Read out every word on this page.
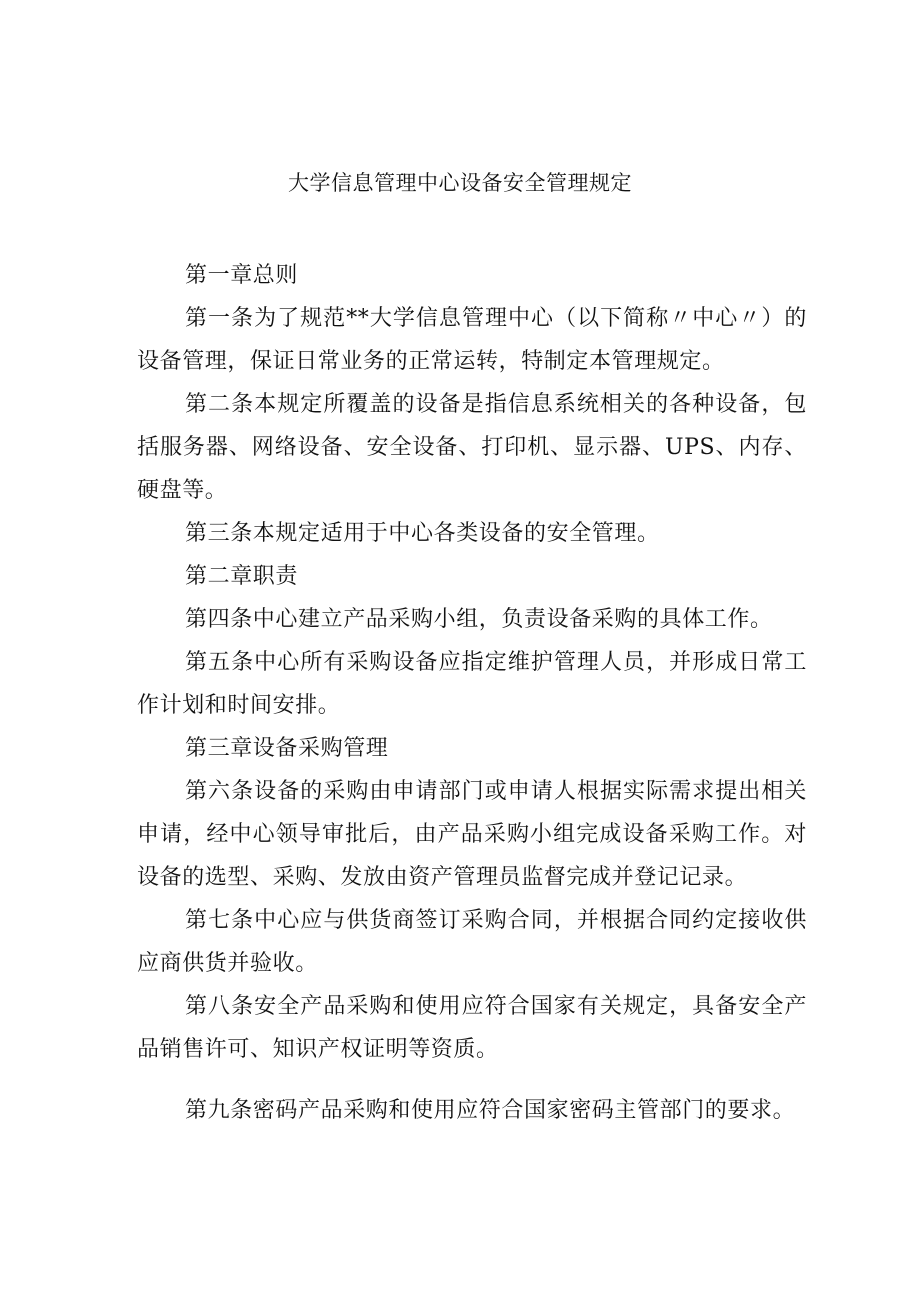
大学信息管理中心设备安全管理规定

第一章总则

第一条为了规范**大学信息管理中心（以下简称〃中心〃）的设备管理，保证日常业务的正常运转，特制定本管理规定。

第二条本规定所覆盖的设备是指信息系统相关的各种设备，包括服务器、网络设备、安全设备、打印机、显示器、UPS、内存、硬盘等。

第三条本规定适用于中心各类设备的安全管理。

第二章职责

第四条中心建立产品采购小组，负责设备采购的具体工作。

第五条中心所有采购设备应指定维护管理人员，并形成日常工作计划和时间安排。

第三章设备采购管理

第六条设备的采购由申请部门或申请人根据实际需求提出相关申请，经中心领导审批后，由产品采购小组完成设备采购工作。对设备的选型、采购、发放由资产管理员监督完成并登记记录。

第七条中心应与供货商签订采购合同，并根据合同约定接收供应商供货并验收。

第八条安全产品采购和使用应符合国家有关规定，具备安全产品销售许可、知识产权证明等资质。

第九条密码产品采购和使用应符合国家密码主管部门的要求。
